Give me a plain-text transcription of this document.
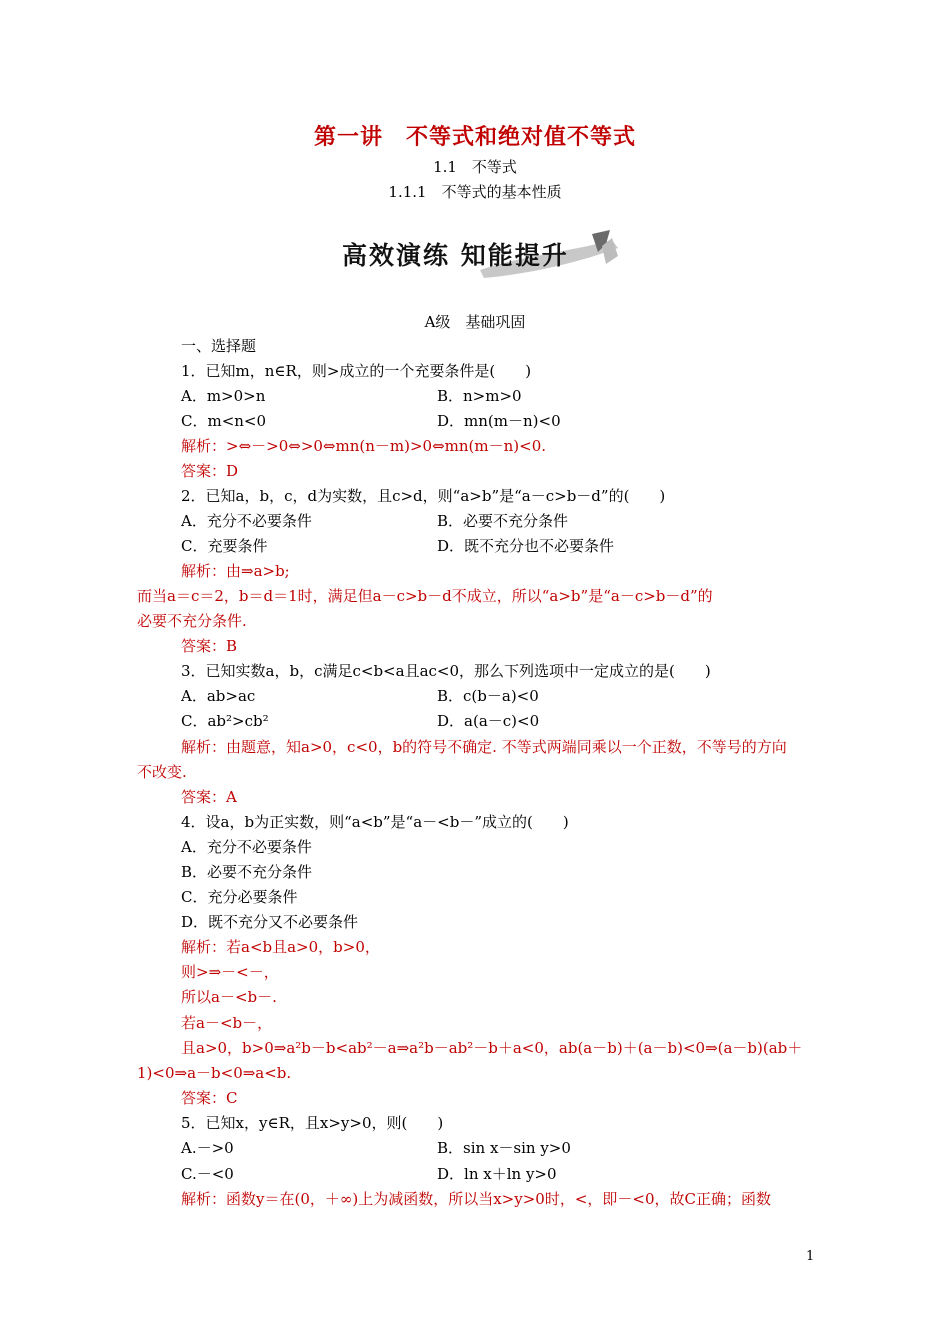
第一讲　不等式和绝对值不等式
1.1　不等式
1.1.1　不等式的基本性质
高效演练 知能提升
A级　基础巩固
一、选择题
1．已知m，n∈R，则>成立的一个充要条件是(　　)
A．m>0>n	B．n>m>0
C．m<n<0	D．mn(m－n)<0
解析：>⇔－>0⇔>0⇔mn(n－m)>0⇔mn(m－n)<0.
答案：D
2．已知a，b，c，d为实数，且c>d，则“a>b”是“a－c>b－d”的(　　)
A．充分不必要条件	B．必要不充分条件
C．充要条件	D．既不充分也不必要条件
解析：由⇒a>b;
而当a＝c＝2，b＝d＝1时，满足但a－c>b－d不成立，所以“a>b”是“a－c>b－d”的
必要不充分条件.
答案：B
3．已知实数a，b，c满足c<b<a且ac<0，那么下列选项中一定成立的是(　　)
A．ab>ac	B．c(b－a)<0
C．ab²>cb²	D．a(a－c)<0
解析：由题意，知a>0，c<0，b的符号不确定. 不等式两端同乘以一个正数，不等号的方向
不改变.
答案：A
4．设a，b为正实数，则“a<b”是“a－<b－”成立的(　　)
A．充分不必要条件
B．必要不充分条件
C．充分必要条件
D．既不充分又不必要条件
解析：若a<b且a>0，b>0，
则>⇒－<－，
所以a－<b－.
若a－<b－，
且a>0，b>0⇒a²b－b<ab²－a⇒a²b－ab²－b＋a<0，ab(a－b)＋(a－b)<0⇒(a－b)(ab＋
1)<0⇒a－b<0⇒a<b.
答案：C
5．已知x，y∈R，且x>y>0，则(　　)
A.－>0	B．sin x－sin y>0
C.－<0	D．ln x＋ln y>0
解析：函数y＝在(0，＋∞)上为减函数，所以当x>y>0时，<，即－<0，故C正确；函数
1
